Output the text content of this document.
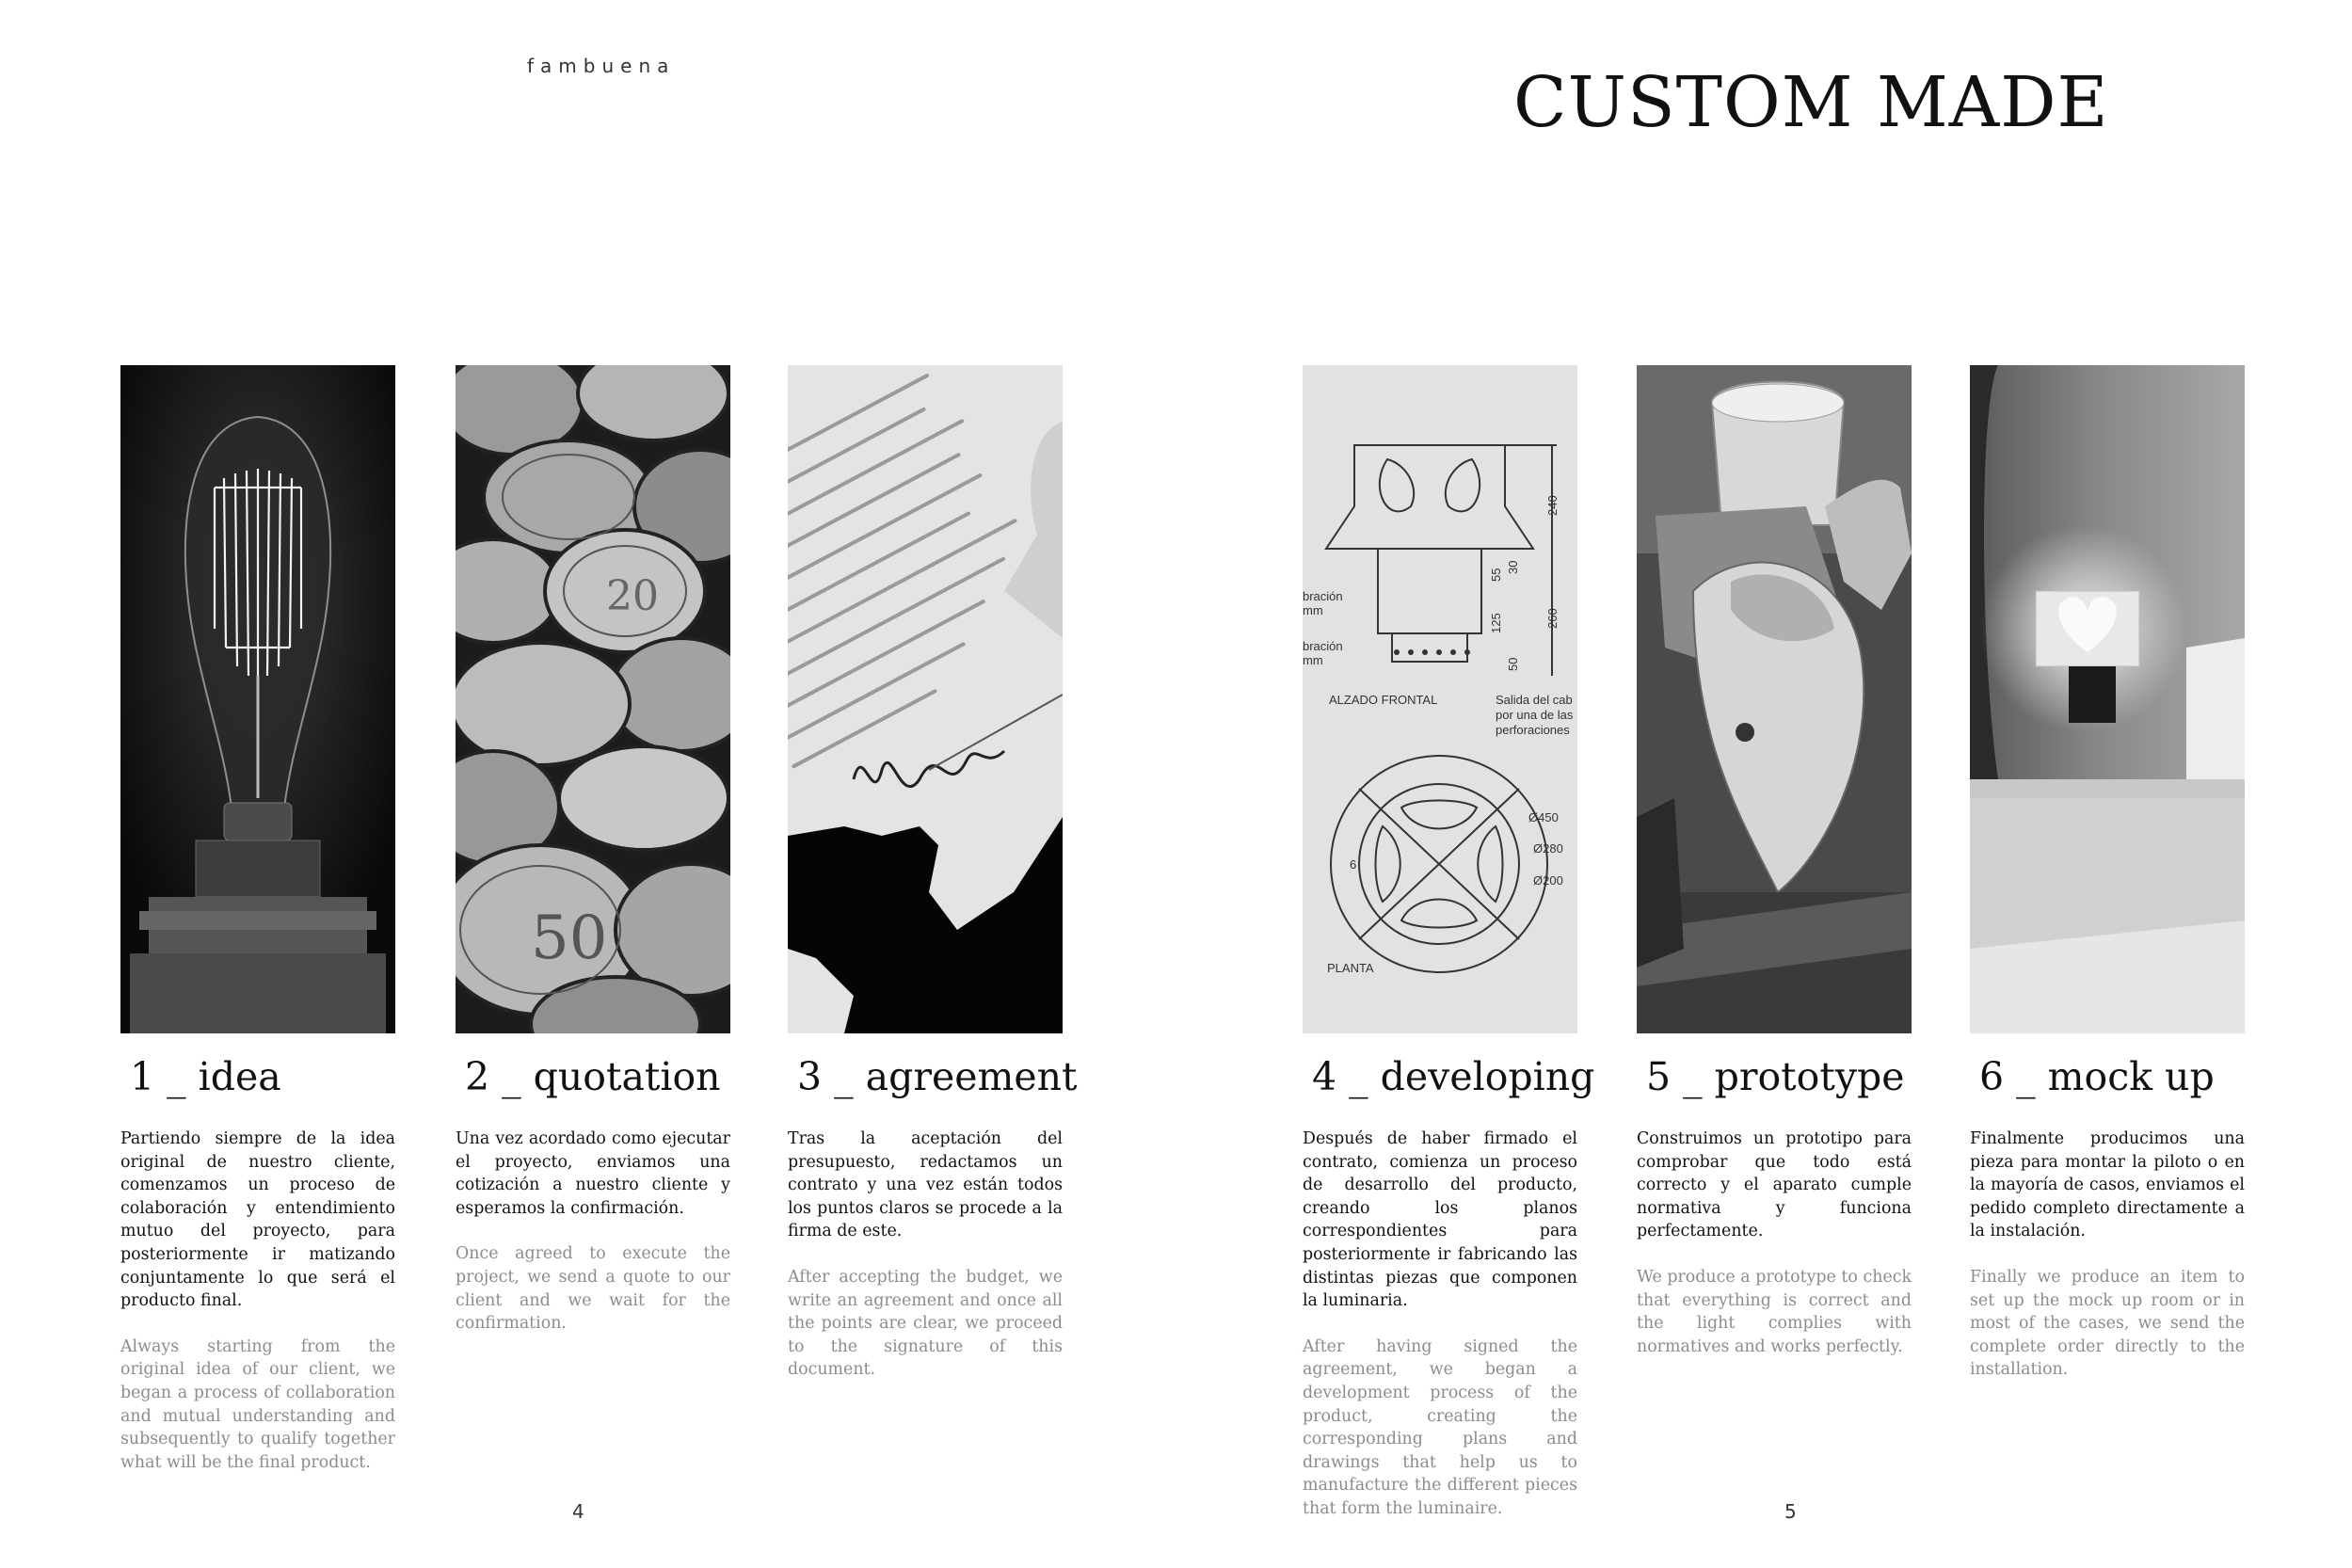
fambuena	CUSTOM MADE
1 _ idea

Partiendo siempre de la idea original de nuestro cliente, comenzamos un proceso de colaboración y entendimiento mutuo del proyecto, para posteriormente ir matizando conjuntamente lo que será el producto final.

Always starting from the original idea of our client, we began a process of collaboration and mutual understanding and subsequently to qualify together what will be the final product.

50
20
2 _ quotation

Una vez acordado como ejecutar el proyecto, enviamos una cotización a nuestro cliente y esperamos la confirmación.

Once agreed to execute the project, we send a quote to our client and we wait for the confirmation.

3 _ agreement

Tras la aceptación del presupuesto, redactamos un contrato y una vez están todos los puntos claros se procede a la firma de este.

After accepting the budget, we write an agreement and once all the points are clear, we proceed to the signature of this document.

240
260
55
30
125
50
bración
mm
bración
mm
ALZADO FRONTAL	Salida del cab
por una de las
perforaciones
Ø450
Ø280
Ø200
6
PLANTA
4 _ developing

Después de haber firmado el contrato, comienza un proceso de desarrollo del producto, creando los planos correspondientes para posteriormente ir fabricando las distintas piezas que componen la luminaria.

After having signed the agreement, we began a development process of the product, creating the corresponding plans and drawings that help us to manufacture the different pieces that form the luminaire.

5 _ prototype

Construimos un prototipo para comprobar que todo está correcto y el aparato cumple normativa y funciona perfectamente.

We produce a prototype to check that everything is correct and the light complies with normatives and works perfectly.

6 _ mock up

Finalmente producimos una pieza para montar la piloto o en la mayoría de casos, enviamos el pedido completo directamente a la instalación.

Finally we produce an item to set up the mock up room or in most of the cases, we send the complete order directly to the installation.

4	5
